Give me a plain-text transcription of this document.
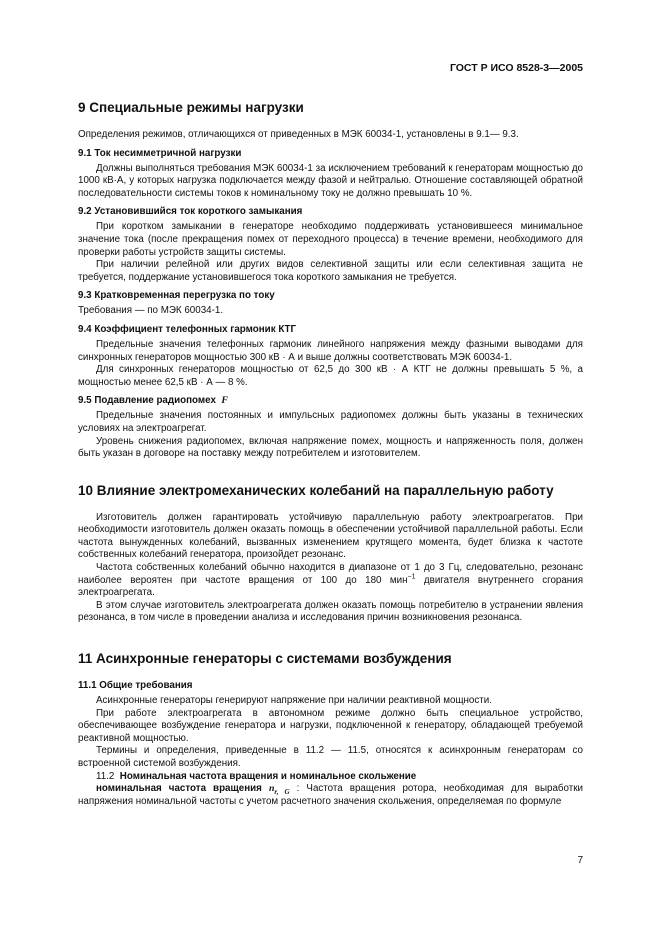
ГОСТ Р ИСО 8528-3—2005
9 Специальные режимы нагрузки

Определения режимов, отличающихся от приведенных в МЭК 60034-1, установлены в 9.1— 9.3.

9.1 Ток несимметричной нагрузки

Должны выполняться требования МЭК 60034-1 за исключением требований к генераторам мощностью до 1000 кВ·А, у которых нагрузка подключается между фазой и нейтралью. Отношение составляющей обратной последовательности системы токов к номинальному току не должно превышать 10 %.

9.2 Установившийся ток короткого замыкания

При коротком замыкании в генераторе необходимо поддерживать установившееся минимальное значение тока (после прекращения помех от переходного процесса) в течение времени, необходимого для проверки работы устройств защиты системы.

При наличии релейной или других видов селективной защиты или если селективная защита не требуется, поддержание установившегося тока короткого замыкания не требуется.

9.3 Кратковременная перегрузка по току

Требования — по МЭК 60034-1.

9.4 Коэффициент телефонных гармоник КТГ

Предельные значения телефонных гармоник линейного напряжения между фазными выводами для синхронных генераторов мощностью 300 кВ · А и выше должны соответствовать МЭК 60034-1.

Для синхронных генераторов мощностью от 62,5 до 300 кВ · А КТГ не должны превышать 5 %, а мощностью менее 62,5 кВ · А — 8 %.

9.5 Подавление радиопомех F

Предельные значения постоянных и импульсных радиопомех должны быть указаны в технических условиях на электроагрегат.

Уровень снижения радиопомех, включая напряжение помех, мощность и напряженность поля, должен быть указан в договоре на поставку между потребителем и изготовителем.

10 Влияние электромеханических колебаний на параллельную работу

Изготовитель должен гарантировать устойчивую параллельную работу электроагрегатов. При необходимости изготовитель должен оказать помощь в обеспечении устойчивой параллельной работы. Если частота вынужденных колебаний, вызванных изменением крутящего момента, будет близка к частоте собственных колебаний генератора, произойдет резонанс.

Частота собственных колебаний обычно находится в диапазоне от 1 до 3 Гц, следовательно, резонанс наиболее вероятен при частоте вращения от 100 до 180 мин$^{-1}$ двигателя внутреннего сгорания электроагрегата.

В этом случае изготовитель электроагрегата должен оказать помощь потребителю в устранении явления резонанса, в том числе в проведении анализа и исследования причин возникновения резонанса.

11 Асинхронные генераторы с системами возбуждения
11.1 Общие требования

Асинхронные генераторы генерируют напряжение при наличии реактивной мощности.

При работе электроагрегата в автономном режиме должно быть специальное устройство, обеспечивающее возбуждение генератора и нагрузки, подключенной к генератору, обладающей требуемой реактивной мощностью.

Термины и определения, приведенные в 11.2 — 11.5, относятся к асинхронным генераторам со встроенной системой возбуждения.

11.2 Номинальная частота вращения и номинальное скольжение

номинальная частота вращения $n_{r, G}$ : Частота вращения ротора, необходимая для выработки напряжения номинальной частоты с учетом расчетного значения скольжения, определяемая по формуле

7
